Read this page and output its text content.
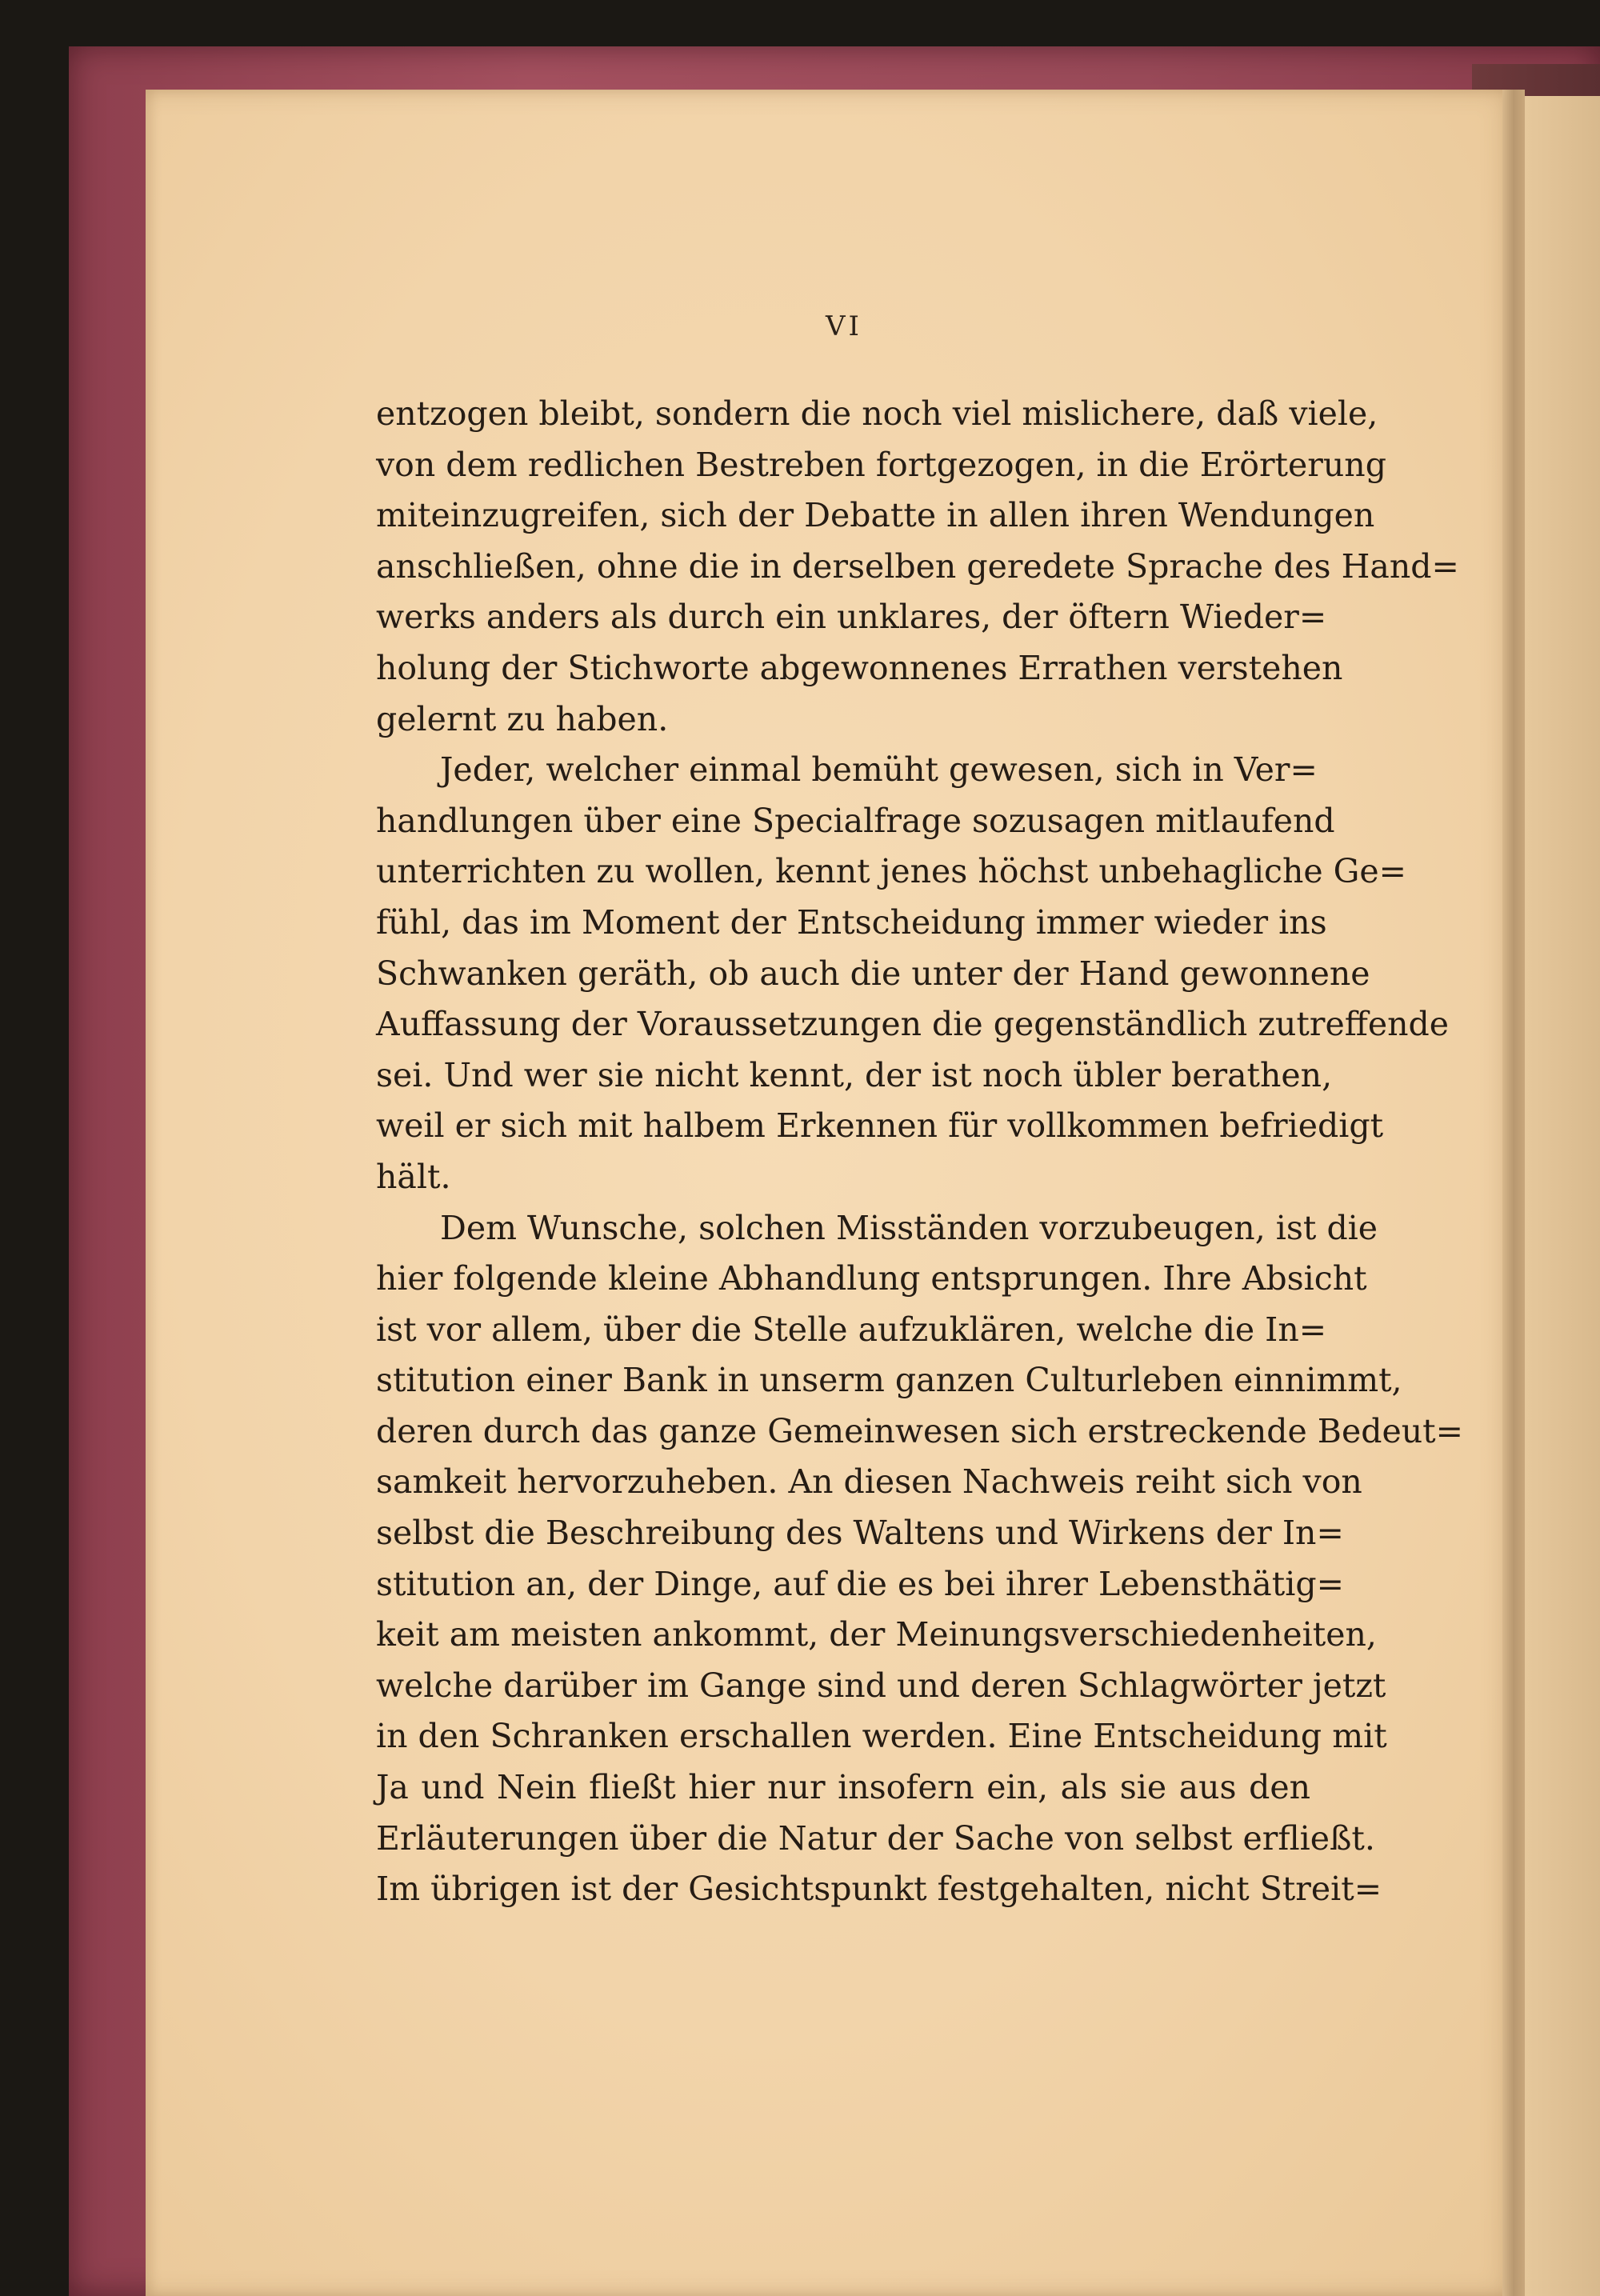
VI
entzogen bleibt, sondern die noch viel mislichere, daß viele,
von dem redlichen Bestreben fortgezogen, in die Erörterung
miteinzugreifen, sich der Debatte in allen ihren Wendungen
anschließen, ohne die in derselben geredete Sprache des Hand=
werks anders als durch ein unklares, der öftern Wieder=
holung der Stichworte abgewonnenes Errathen verstehen
gelernt zu haben.
Jeder, welcher einmal bemüht gewesen, sich in Ver=
handlungen über eine Specialfrage sozusagen mitlaufend
unterrichten zu wollen, kennt jenes höchst unbehagliche Ge=
fühl, das im Moment der Entscheidung immer wieder ins
Schwanken geräth, ob auch die unter der Hand gewonnene
Auffassung der Voraussetzungen die gegenständlich zutreffende
sei. Und wer sie nicht kennt, der ist noch übler berathen,
weil er sich mit halbem Erkennen für vollkommen befriedigt
hält.
Dem Wunsche, solchen Misständen vorzubeugen, ist die
hier folgende kleine Abhandlung entsprungen. Ihre Absicht
ist vor allem, über die Stelle aufzuklären, welche die In=
stitution einer Bank in unserm ganzen Culturleben einnimmt,
deren durch das ganze Gemeinwesen sich erstreckende Bedeut=
samkeit hervorzuheben. An diesen Nachweis reiht sich von
selbst die Beschreibung des Waltens und Wirkens der In=
stitution an, der Dinge, auf die es bei ihrer Lebensthätig=
keit am meisten ankommt, der Meinungsverschiedenheiten,
welche darüber im Gange sind und deren Schlagwörter jetzt
in den Schranken erschallen werden. Eine Entscheidung mit
Ja und Nein fließt hier nur insofern ein, als sie aus den
Erläuterungen über die Natur der Sache von selbst erfließt.
Im übrigen ist der Gesichtspunkt festgehalten, nicht Streit=
